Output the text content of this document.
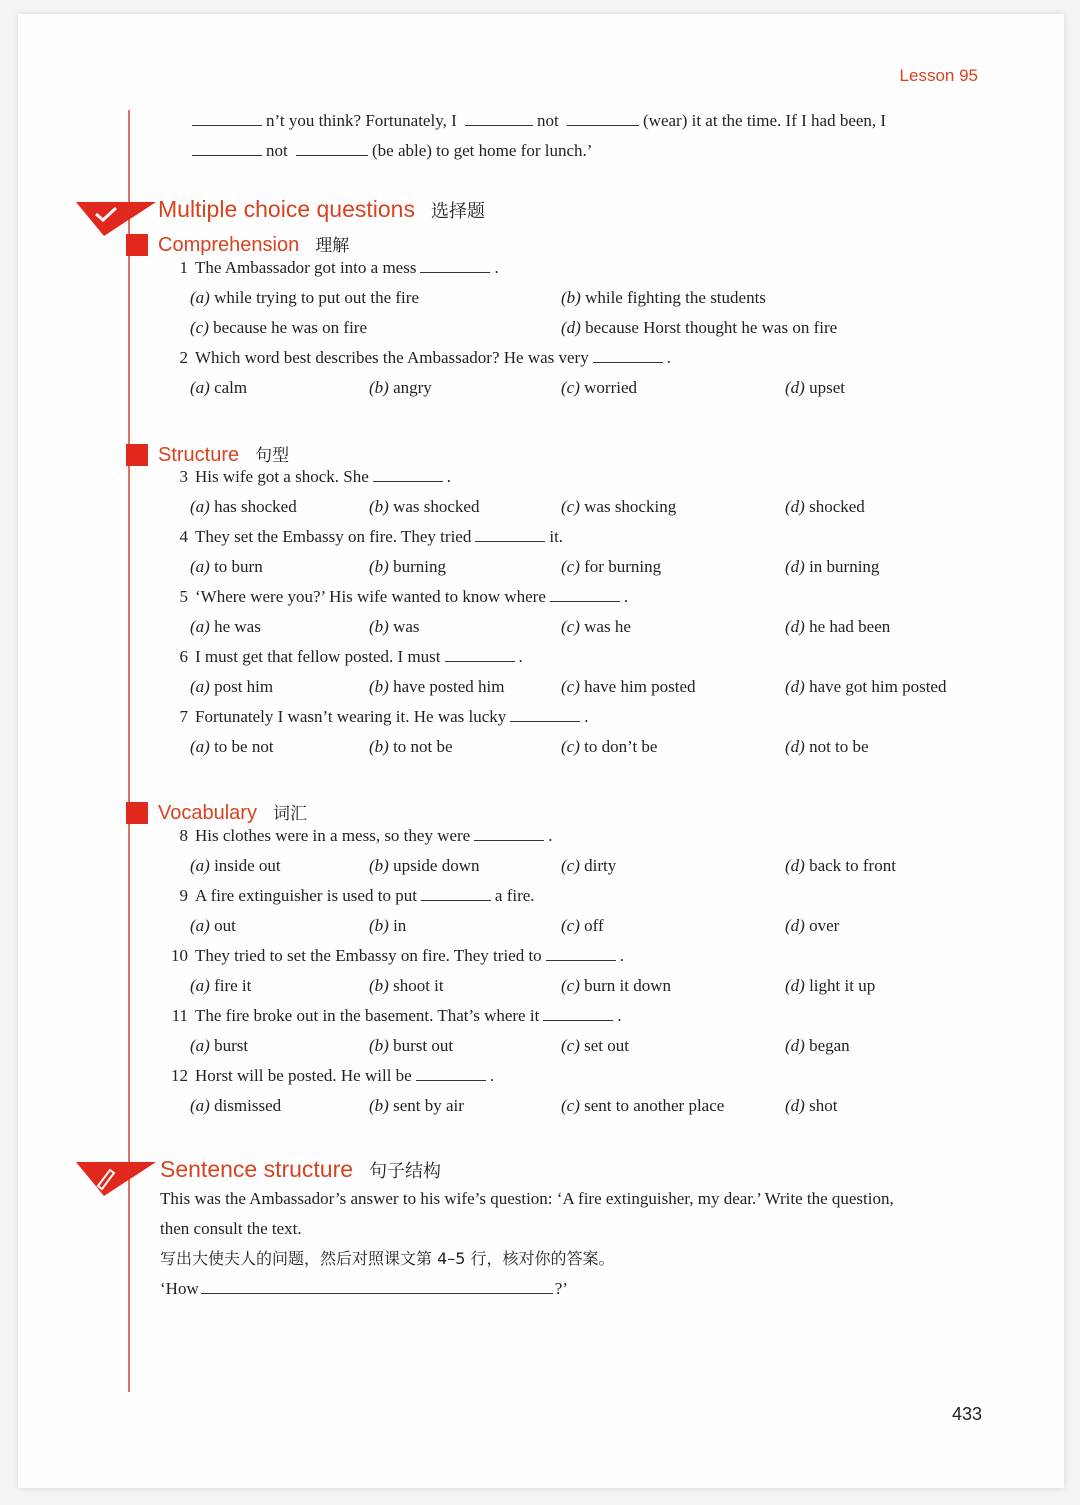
Lesson 95
n’t you think? Fortunately, I	not	(wear) it at the time. If I had been, I
not	(be able) to get home for lunch.’
Multiple choice questions 选择题
Comprehension 理解
Structure 句型
Vocabulary 词汇
1 The Ambassador got into a mess	.
(a) while trying to put out the fire	(b) while fighting the students
(c) because he was on fire	(d) because Horst thought he was on fire
2 Which word best describes the Ambassador? He was very	.
(a) calm	(b) angry	(c) worried	(d) upset
3 His wife got a shock. She	.
(a) has shocked	(b) was shocked	(c) was shocking	(d) shocked
4 They set the Embassy on fire. They tried	it.
(a) to burn	(b) burning	(c) for burning	(d) in burning
5 ‘Where were you?’ His wife wanted to know where	.
(a) he was	(b) was	(c) was he	(d) he had been
6 I must get that fellow posted. I must	.
(a) post him	(b) have posted him	(c) have him posted	(d) have got him posted
7 Fortunately I wasn’t wearing it. He was lucky	.
(a) to be not	(b) to not be	(c) to don’t be	(d) not to be
8 His clothes were in a mess, so they were	.
(a) inside out	(b) upside down	(c) dirty	(d) back to front
9 A fire extinguisher is used to put	a fire.
(a) out	(b) in	(c) off	(d) over
10 They tried to set the Embassy on fire. They tried to	.
(a) fire it	(b) shoot it	(c) burn it down	(d) light it up
11 The fire broke out in the basement. That’s where it	.
(a) burst	(b) burst out	(c) set out	(d) began
12 Horst will be posted. He will be	.
(a) dismissed	(b) sent by air	(c) sent to another place	(d) shot
Sentence structure 句子结构
This was the Ambassador’s answer to his wife’s question: ‘A fire extinguisher, my dear.’ Write the question,
then consult the text.
写出大使夫人的问题，然后对照课文第 4–5 行，核对你的答案。
‘How	?’
433
